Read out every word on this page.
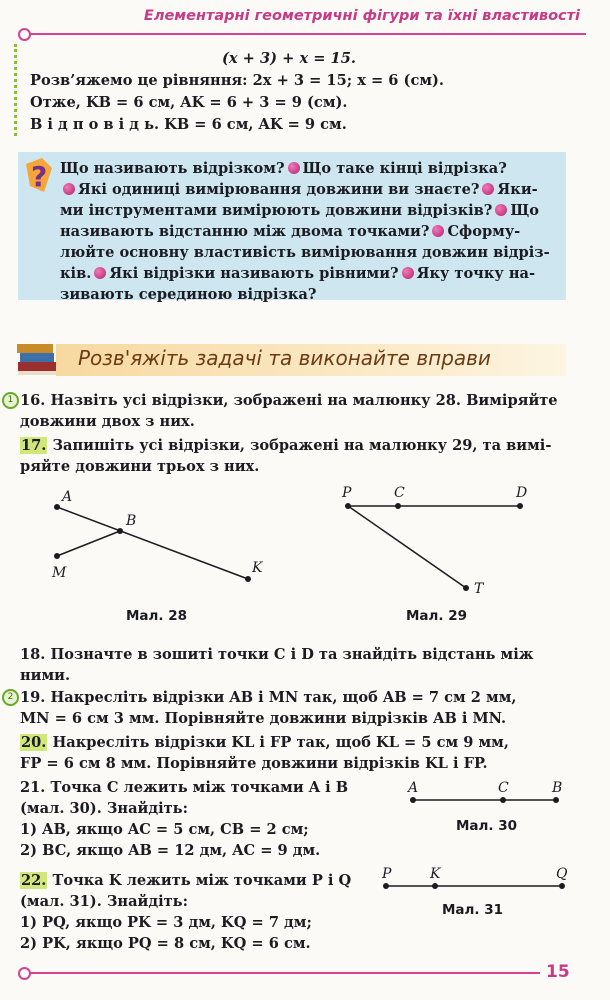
Елементарні геометричні фігури та їхні властивості
(x + 3) + x = 15.
Розв’яжемо це рівняння: 2x + 3 = 15; x = 6 (см).
Отже, KB = 6 см, AK = 6 + 3 = 9 (см).
В і д п о в і д ь. KB = 6 см, AK = 9 см.
? Що називають відрізком? Що таке кінці відрізка?
Які одиниці вимірювання довжини ви знаєте? Яки-
ми інструментами вимірюють довжини відрізків? Що
називають відстанню між двома точками? Сформу-
люйте основну властивість вимірювання довжин відріз-
ків. Які відрізки називають рівними? Яку точку на-
зивають серединою відрізка?
Розв'яжіть задачі та виконайте вправи
1 16. Назвіть усі відрізки, зображені на малюнку 28. Виміряйте
довжини двох з них.
17. Запишіть усі відрізки, зображені на малюнку 29, та вимі-
ряйте довжини трьох з них.
A
B
M	K
Мал. 28
P	C	D
T
Мал. 29
18. Позначте в зошиті точки C і D та знайдіть відстань між
ними.
2 19. Накресліть відрізки AB і MN так, щоб AB = 7 см 2 мм,
MN = 6 см 3 мм. Порівняйте довжини відрізків AB і MN.
20. Накресліть відрізки KL і FP так, щоб KL = 5 см 9 мм,
FP = 6 см 8 мм. Порівняйте довжини відрізків KL і FP.
21. Точка C лежить між точками A і B
(мал. 30). Знайдіть:
1) AB, якщо AC = 5 см, CB = 2 см;
2) BC, якщо AB = 12 дм, AC = 9 дм.
A	C	B
Мал. 30
22. Точка K лежить між точками P і Q
(мал. 31). Знайдіть:
1) PQ, якщо PK = 3 дм, KQ = 7 дм;
2) PK, якщо PQ = 8 см, KQ = 6 см.
P	K	Q
Мал. 31
15
